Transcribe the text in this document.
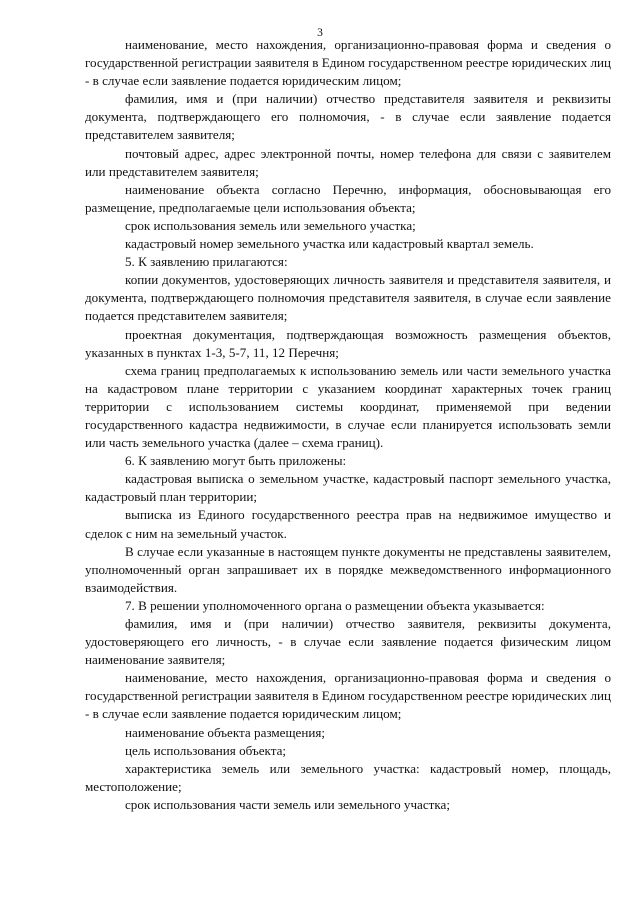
3

наименование, место нахождения, организационно-правовая форма и сведения о государственной регистрации заявителя в Едином государственном реестре юридических лиц - в случае если заявление подается юридическим лицом;

фамилия, имя и (при наличии) отчество представителя заявителя и реквизиты документа, подтверждающего его полномочия, - в случае если заявление подается представителем заявителя;

почтовый адрес, адрес электронной почты, номер телефона для связи с заявителем или представителем заявителя;

наименование объекта согласно Перечню, информация, обосновывающая его размещение, предполагаемые цели использования объекта;

срок использования земель или земельного участка;

кадастровый номер земельного участка или кадастровый квартал земель.

5. К заявлению прилагаются:

копии документов, удостоверяющих личность заявителя и представителя заявителя, и документа, подтверждающего полномочия представителя заявителя, в случае если заявление подается представителем заявителя;

проектная документация, подтверждающая возможность размещения объектов, указанных в пунктах 1-3, 5-7, 11, 12 Перечня;

схема границ предполагаемых к использованию земель или части земельного участка на кадастровом плане территории с указанием координат характерных точек границ территории с использованием системы координат, применяемой при ведении государственного кадастра недвижимости, в случае если планируется использовать земли или часть земельного участка (далее – схема границ).

6. К заявлению могут быть приложены:

кадастровая выписка о земельном участке, кадастровый паспорт земельного участка, кадастровый план территории;

выписка из Единого государственного реестра прав на недвижимое имущество и сделок с ним на земельный участок.

В случае если указанные в настоящем пункте документы не представлены заявителем, уполномоченный орган запрашивает их в порядке межведомственного информационного взаимодействия.

7. В решении уполномоченного органа о размещении объекта указывается:

фамилия, имя и (при наличии) отчество заявителя, реквизиты документа, удостоверяющего его личность, - в случае если заявление подается физическим лицом наименование заявителя;

наименование, место нахождения, организационно-правовая форма и сведения о государственной регистрации заявителя в Едином государственном реестре юридических лиц - в случае если заявление подается юридическим лицом;

наименование объекта размещения;

цель использования объекта;

характеристика земель или земельного участка: кадастровый номер, площадь, местоположение;

срок использования части земель или земельного участка;
